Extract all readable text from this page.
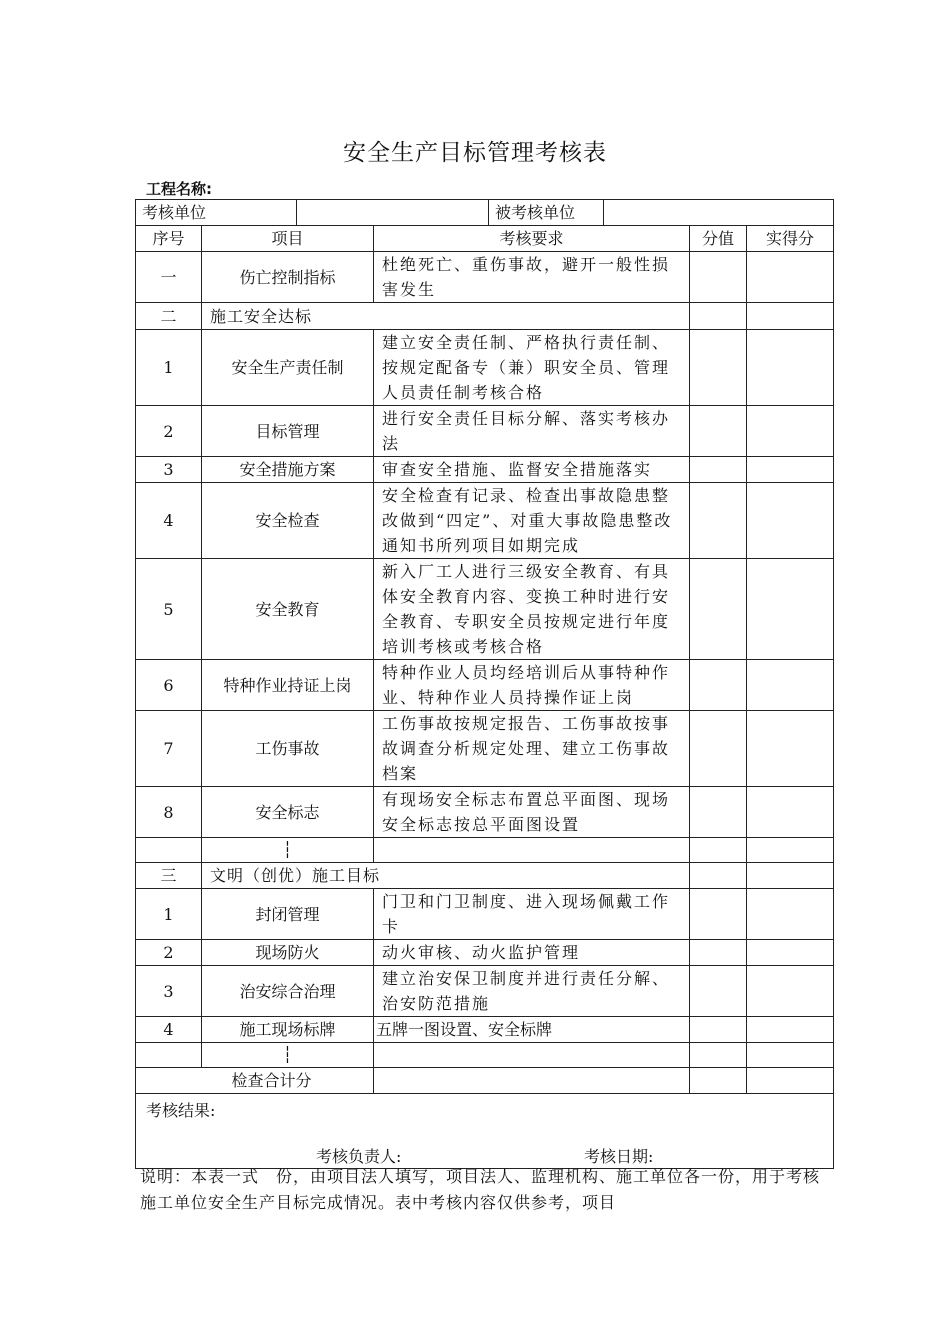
安全生产目标管理考核表
工程名称:
考核单位				被考核单位		

序号	项目		考核要求		分值	实得分
一	伤亡控制指标		杜绝死亡、重伤事故，避开一般性损害发生			
二	施工安全达标					
1	安全生产责任制		建立安全责任制、严格执行责任制、按规定配备专（兼）职安全员、管理人员责任制考核合格			
2	目标管理		进行安全责任目标分解、落实考核办法			
3	安全措施方案		审查安全措施、监督安全措施落实			
4	安全检查		安全检查有记录、检查出事故隐患整改做到“四定”、对重大事故隐患整改通知书所列项目如期完成			
5	安全教育		新入厂工人进行三级安全教育、有具体安全教育内容、变换工种时进行安全教育、专职安全员按规定进行年度培训考核或考核合格			
6	特种作业持证上岗		特种作业人员均经培训后从事特种作业、特种作业人员持操作证上岗			
7	工伤事故		工伤事故按规定报告、工伤事故按事故调查分析规定处理、建立工伤事故档案			
8	安全标志		有现场安全标志布置总平面图、现场安全标志按总平面图设置			
	┆					
三	文明（创优）施工目标					
1	封闭管理		门卫和门卫制度、进入现场佩戴工作卡			
2	现场防火		动火审核、动火监护管理			
3	治安综合治理		建立治安保卫制度并进行责任分解、治安防范措施			
4	施工现场标牌		五牌一图设置、安全标牌			
	┆					
检查合计分						

考核结果:
考核负责人: 考核日期:						
说明：本表一式　份，由项目法人填写，项目法人、监理机构、施工单位各一份，用于考核施工单位安全生产目标完成情况。表中考核内容仅供参考，项目
